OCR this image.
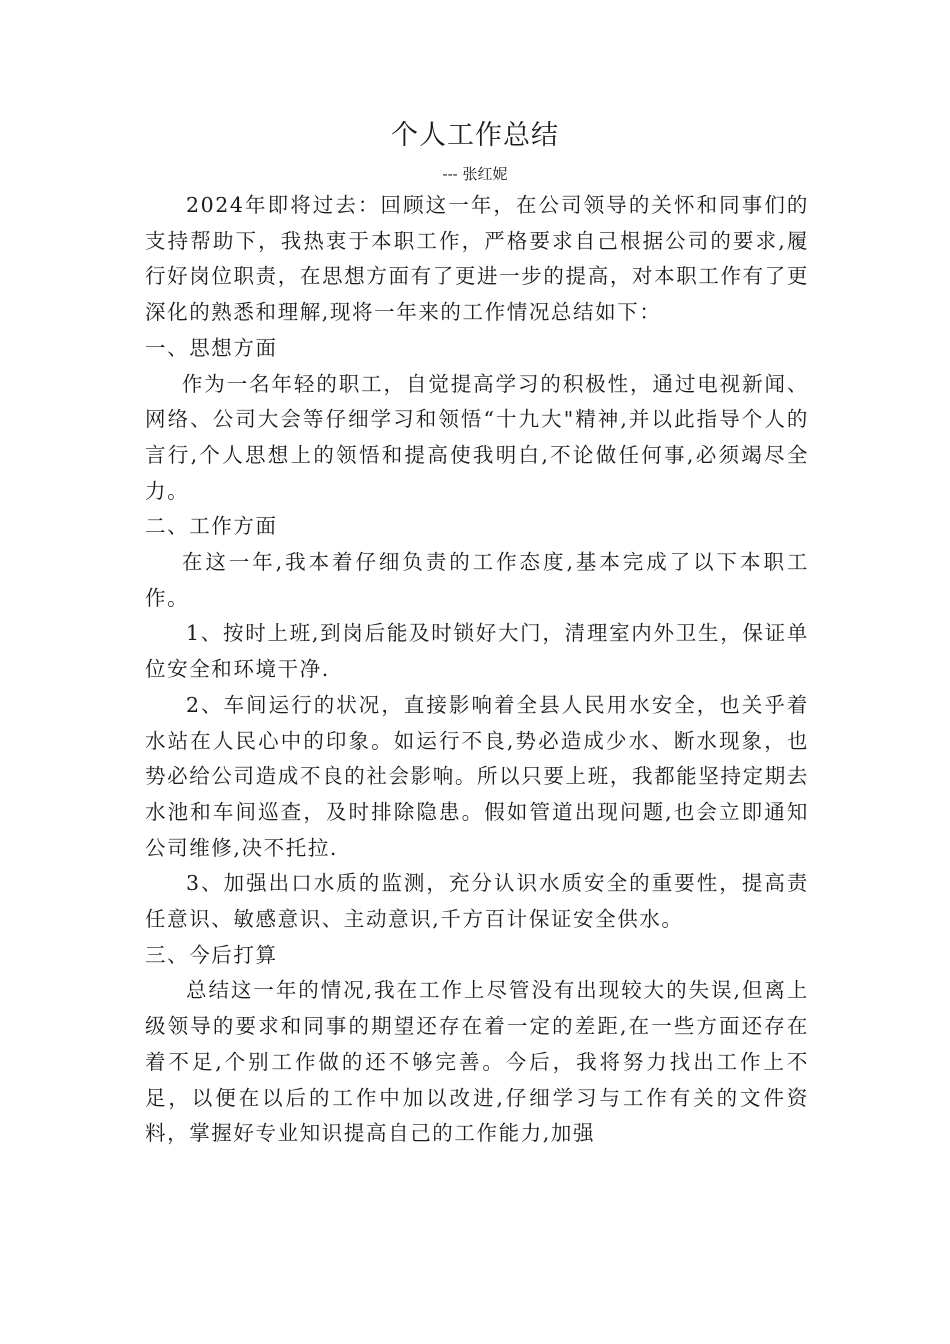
个人工作总结
--- 张红妮

2024年即将过去：回顾这一年，在公司领导的关怀和同事们的支持帮助下，我热衷于本职工作，严格要求自己根据公司的要求,履行好岗位职责，在思想方面有了更进一步的提高，对本职工作有了更深化的熟悉和理解,现将一年来的工作情况总结如下：

一、思想方面

作为一名年轻的职工，自觉提高学习的积极性，通过电视新闻、网络、公司大会等仔细学习和领悟“十九大"精神,并以此指导个人的言行,个人思想上的领悟和提高使我明白,不论做任何事,必须竭尽全力。

二、工作方面

在这一年,我本着仔细负责的工作态度,基本完成了以下本职工作。

1、按时上班,到岗后能及时锁好大门，清理室内外卫生，保证单位安全和环境干净.

2、车间运行的状况，直接影响着全县人民用水安全，也关乎着水站在人民心中的印象。如运行不良,势必造成少水、断水现象，也势必给公司造成不良的社会影响。所以只要上班，我都能坚持定期去水池和车间巡查，及时排除隐患。假如管道出现问题,也会立即通知公司维修,决不托拉.

3、加强出口水质的监测，充分认识水质安全的重要性，提高责任意识、敏感意识、主动意识,千方百计保证安全供水。

三、今后打算

总结这一年的情况,我在工作上尽管没有出现较大的失误,但离上级领导的要求和同事的期望还存在着一定的差距,在一些方面还存在着不足,个别工作做的还不够完善。今后，我将努力找出工作上不足，以便在以后的工作中加以改进,仔细学习与工作有关的文件资料，掌握好专业知识提高自己的工作能力,加强
